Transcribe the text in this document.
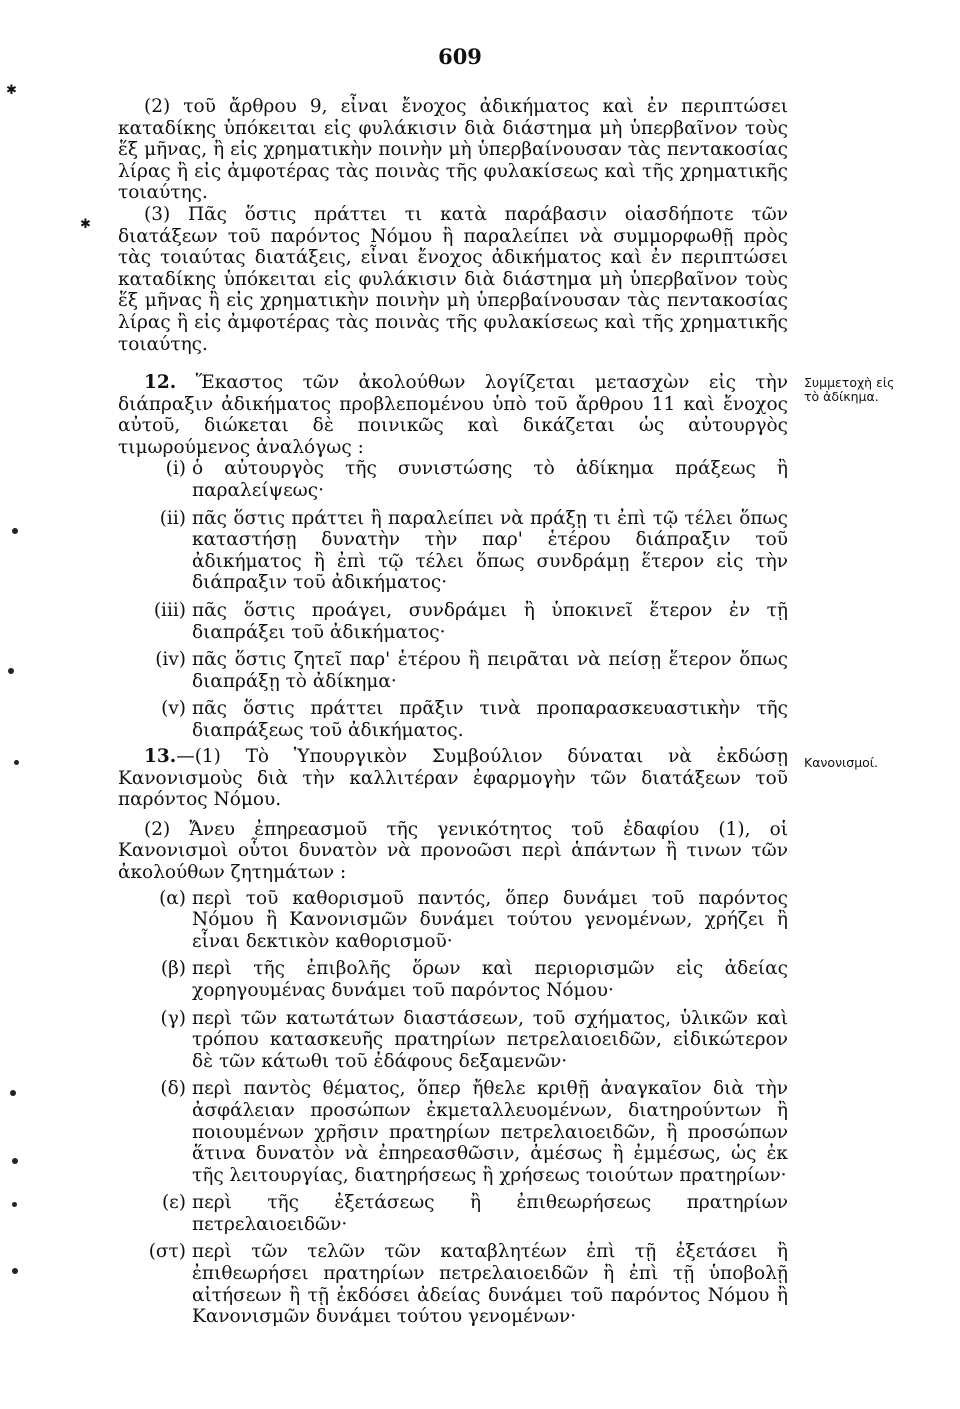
609
✱
✱

(2) τοῦ ἄρθρου 9, εἶναι ἔνοχος ἀδικήματος καὶ ἐν περιπτώσει καταδίκης ὑπόκειται εἰς φυλάκισιν διὰ διάστημα μὴ ὑπερβαῖνον τοὺς ἕξ μῆνας, ἢ εἰς χρηματικὴν ποινὴν μὴ ὑπερβαίνουσαν τὰς πεντακοσίας λίρας ἢ εἰς ἀμφοτέρας τὰς ποινὰς τῆς φυλακίσεως καὶ τῆς χρηματικῆς τοιαύτης.

(3) Πᾶς ὅστις πράττει τι κατὰ παράβασιν οἱασδήποτε τῶν διατάξεων τοῦ παρόντος Νόμου ἢ παραλείπει νὰ συμμορφωθῇ πρὸς τὰς τοιαύτας διατάξεις, εἶναι ἔνοχος ἀδικήματος καὶ ἐν περιπτώσει καταδίκης ὑπόκειται εἰς φυλάκισιν διὰ διάστημα μὴ ὑπερβαῖνον τοὺς ἕξ μῆνας ἢ εἰς χρηματικὴν ποινὴν μὴ ὑπερβαίνουσαν τὰς πεντακοσίας λίρας ἢ εἰς ἀμφοτέρας τὰς ποινὰς τῆς φυλακίσεως καὶ τῆς χρηματικῆς τοιαύτης.

Συμμετοχὴ εἰς τὸ ἀδίκημα.

12. Ἕκαστος τῶν ἀκολούθων λογίζεται μετασχὼν εἰς τὴν διάπραξιν ἀδικήματος προβλεπομένου ὑπὸ τοῦ ἄρθρου 11 καὶ ἔνοχος αὐτοῦ, διώκεται δὲ ποινικῶς καὶ δικάζεται ὡς αὐτουργὸς τιμωρούμενος ἀναλόγως :

(i) ὁ αὐτουργὸς τῆς συνιστώσης τὸ ἀδίκημα πράξεως ἢ παραλείψεως·
(ii) πᾶς ὅστις πράττει ἢ παραλείπει νὰ πράξῃ τι ἐπὶ τῷ τέλει ὅπως καταστήσῃ δυνατὴν τὴν παρ' ἑτέρου διάπραξιν τοῦ ἀδικήματος ἢ ἐπὶ τῷ τέλει ὅπως συνδράμῃ ἕτερον εἰς τὴν διάπραξιν τοῦ ἀδικήματος·
(iii) πᾶς ὅστις προάγει, συνδράμει ἢ ὑποκινεῖ ἕτερον ἐν τῇ διαπράξει τοῦ ἀδικήματος·
(iv) πᾶς ὅστις ζητεῖ παρ' ἑτέρου ἢ πειρᾶται νὰ πείσῃ ἕτερον ὅπως διαπράξῃ τὸ ἀδίκημα·
(v) πᾶς ὅστις πράττει πρᾶξιν τινὰ προπαρασκευαστικὴν τῆς διαπράξεως τοῦ ἀδικήματος.
Κανονισμοί.

13.—(1) Τὸ Ὑπουργικὸν Συμβούλιον δύναται νὰ ἐκδώσῃ Κανονισμοὺς διὰ τὴν καλλιτέραν ἐφαρμογὴν τῶν διατάξεων τοῦ παρόντος Νόμου.

(2) Ἄνευ ἐπηρεασμοῦ τῆς γενικότητος τοῦ ἐδαφίου (1), οἱ Κανονισμοὶ οὗτοι δυνατὸν νὰ προνοῶσι περὶ ἁπάντων ἢ τινων τῶν ἀκολούθων ζητημάτων :

(α) περὶ τοῦ καθορισμοῦ παντός, ὅπερ δυνάμει τοῦ παρόντος Νόμου ἢ Κανονισμῶν δυνάμει τούτου γενομένων, χρήζει ἢ εἶναι δεκτικὸν καθορισμοῦ·
(β) περὶ τῆς ἐπιβολῆς ὅρων καὶ περιορισμῶν εἰς ἀδείας χορηγουμένας δυνάμει τοῦ παρόντος Νόμου·
(γ) περὶ τῶν κατωτάτων διαστάσεων, τοῦ σχήματος, ὑλικῶν καὶ τρόπου κατασκευῆς πρατηρίων πετρελαιοειδῶν, εἰδικώτερον δὲ τῶν κάτωθι τοῦ ἐδάφους δεξαμενῶν·
(δ) περὶ παντὸς θέματος, ὅπερ ἤθελε κριθῇ ἀναγκαῖον διὰ τὴν ἀσφάλειαν προσώπων ἐκμεταλλευομένων, διατηρούντων ἢ ποιουμένων χρῆσιν πρατηρίων πετρελαιοειδῶν, ἢ προσώπων ἅτινα δυνατὸν νὰ ἐπηρεασθῶσιν, ἀμέσως ἢ ἐμμέσως, ὡς ἐκ τῆς λειτουργίας, διατηρήσεως ἢ χρήσεως τοιούτων πρατηρίων·
(ε) περὶ τῆς ἐξετάσεως ἢ ἐπιθεωρήσεως πρατηρίων πετρελαιοειδῶν·
(στ) περὶ τῶν τελῶν τῶν καταβλητέων ἐπὶ τῇ ἐξετάσει ἢ ἐπιθεωρήσει πρατηρίων πετρελαιοειδῶν ἢ ἐπὶ τῇ ὑποβολῇ αἰτήσεων ἢ τῇ ἐκδόσει ἀδείας δυνάμει τοῦ παρόντος Νόμου ἢ Κανονισμῶν δυνάμει τούτου γενομένων·
